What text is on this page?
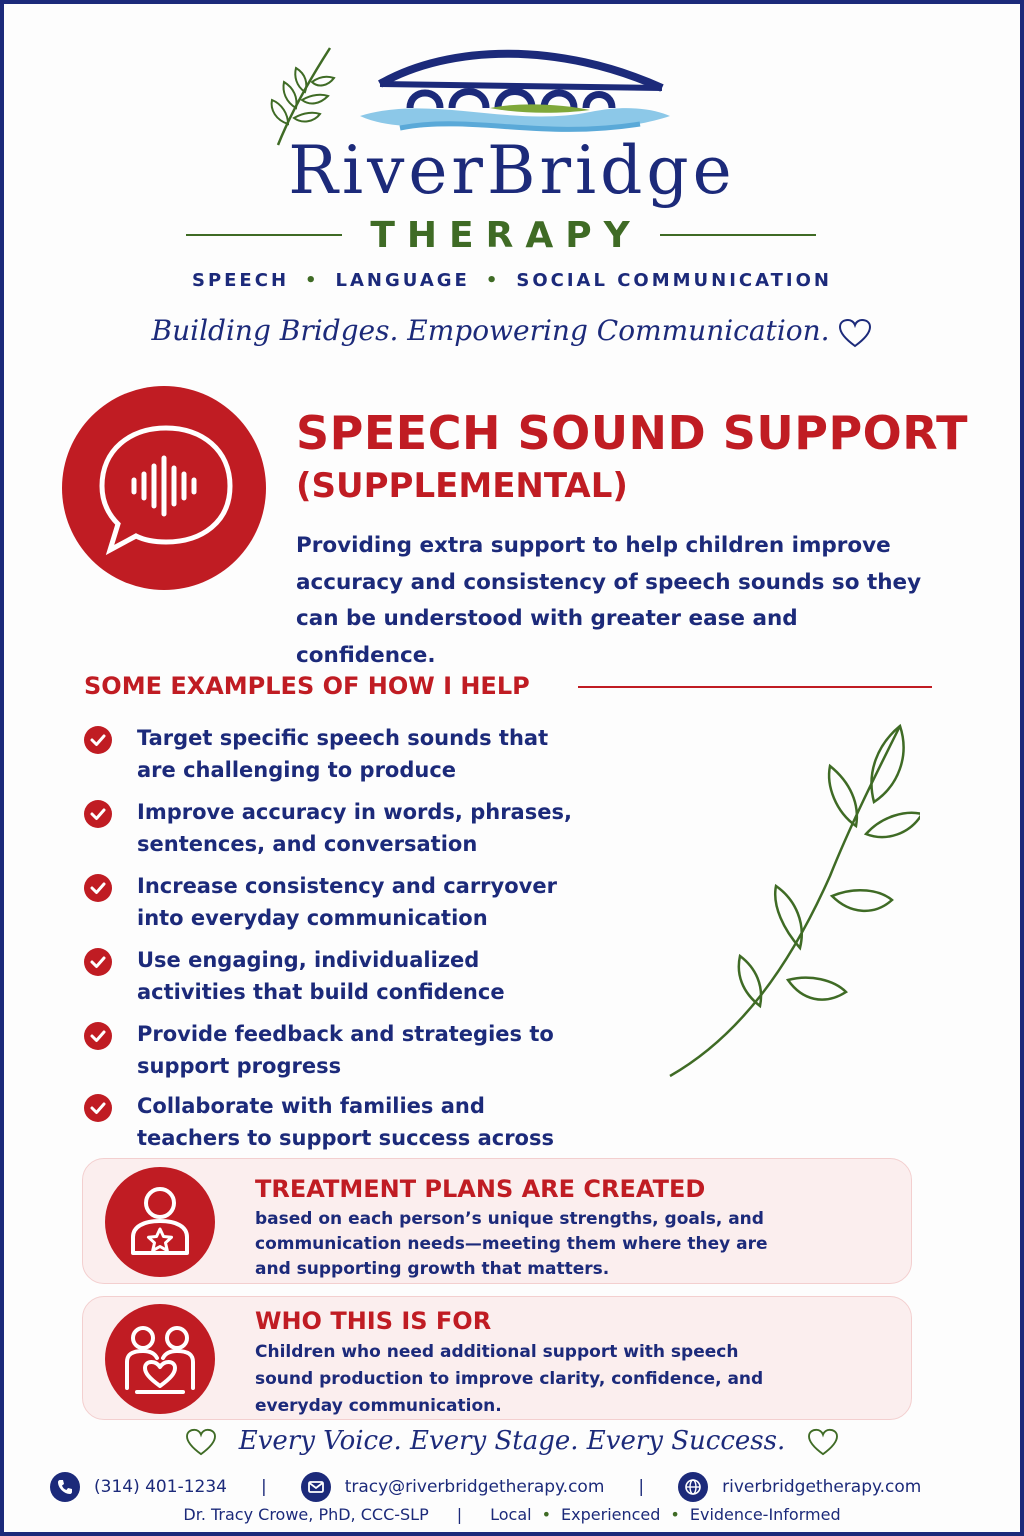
RiverBridge
THERAPY
SPEECH • LANGUAGE • SOCIAL COMMUNICATION
Building Bridges. Empowering Communication.
SPEECH SOUND SUPPORT
(SUPPLEMENTAL)
Providing extra support to help children improve accuracy and consistency of speech sounds so they can be understood with greater ease and confidence.
SOME EXAMPLES OF HOW I HELP
Target specific speech sounds that are challenging to produce
Improve accuracy in words, phrases, sentences, and conversation
Increase consistency and carryover into everyday communication
Use engaging, individualized activities that build confidence
Provide feedback and strategies to support progress
Collaborate with families and teachers to support success across
TREATMENT PLANS ARE CREATED
based on each person’s unique strengths, goals, and communication needs—meeting them where they are and supporting growth that matters.
WHO THIS IS FOR
Children who need additional support with speech sound production to improve clarity, confidence, and everyday communication.
Every Voice. Every Stage. Every Success.
(314) 401-1234	|	tracy@riverbridgetherapy.com	|	riverbridgetherapy.com
Dr. Tracy Crowe, PhD, CCC-SLP | Local • Experienced • Evidence-Informed
